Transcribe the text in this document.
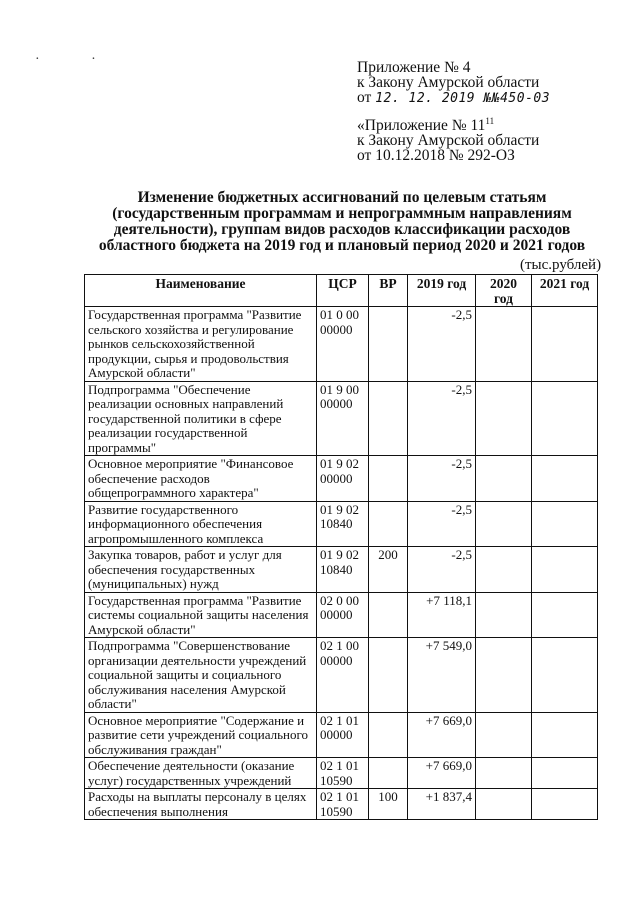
· ·	Приложение № 4
к Закону Амурской области
от 12. 12. 2019 №№450-03
«Приложение № $11^{11}$
к Закону Амурской области
от 10.12.2018 № 292-ОЗ
Изменение бюджетных ассигнований по целевым статьям
(государственным программам и непрограммным направлениям
деятельности), группам видов расходов классификации расходов
областного бюджета на 2019 год и плановый период 2020 и 2021 годов
(тыс.рублей)
Наименование	ЦСР	ВР	2019 год	2020 год	2021 год
Государственная программа "Развитие сельского хозяйства и регулирование рынков сельскохозяйственной продукции, сырья и продовольствия Амурской области"	01 0 00 00000		-2,5		
Подпрограмма "Обеспечение реализации основных направлений государственной политики в сфере реализации государственной программы"	01 9 00 00000		-2,5		
Основное мероприятие "Финансовое обеспечение расходов общепрограммного характера"	01 9 02 00000		-2,5		
Развитие государственного информационного обеспечения агропромышленного комплекса	01 9 02 10840		-2,5		
Закупка товаров, работ и услуг для обеспечения государственных (муниципальных) нужд	01 9 02 10840	200	-2,5		
Государственная программа "Развитие системы социальной защиты населения Амурской области"	02 0 00 00000		+7 118,1		
Подпрограмма "Совершенствование организации деятельности учреждений социальной защиты и социального обслуживания населения Амурской области"	02 1 00 00000		+7 549,0		
Основное мероприятие "Содержание и развитие сети учреждений социального обслуживания граждан"	02 1 01 00000		+7 669,0		
Обеспечение деятельности (оказание услуг) государственных учреждений	02 1 01 10590		+7 669,0		
Расходы на выплаты персоналу в целях обеспечения выполнения	02 1 01 10590	100	+1 837,4		
